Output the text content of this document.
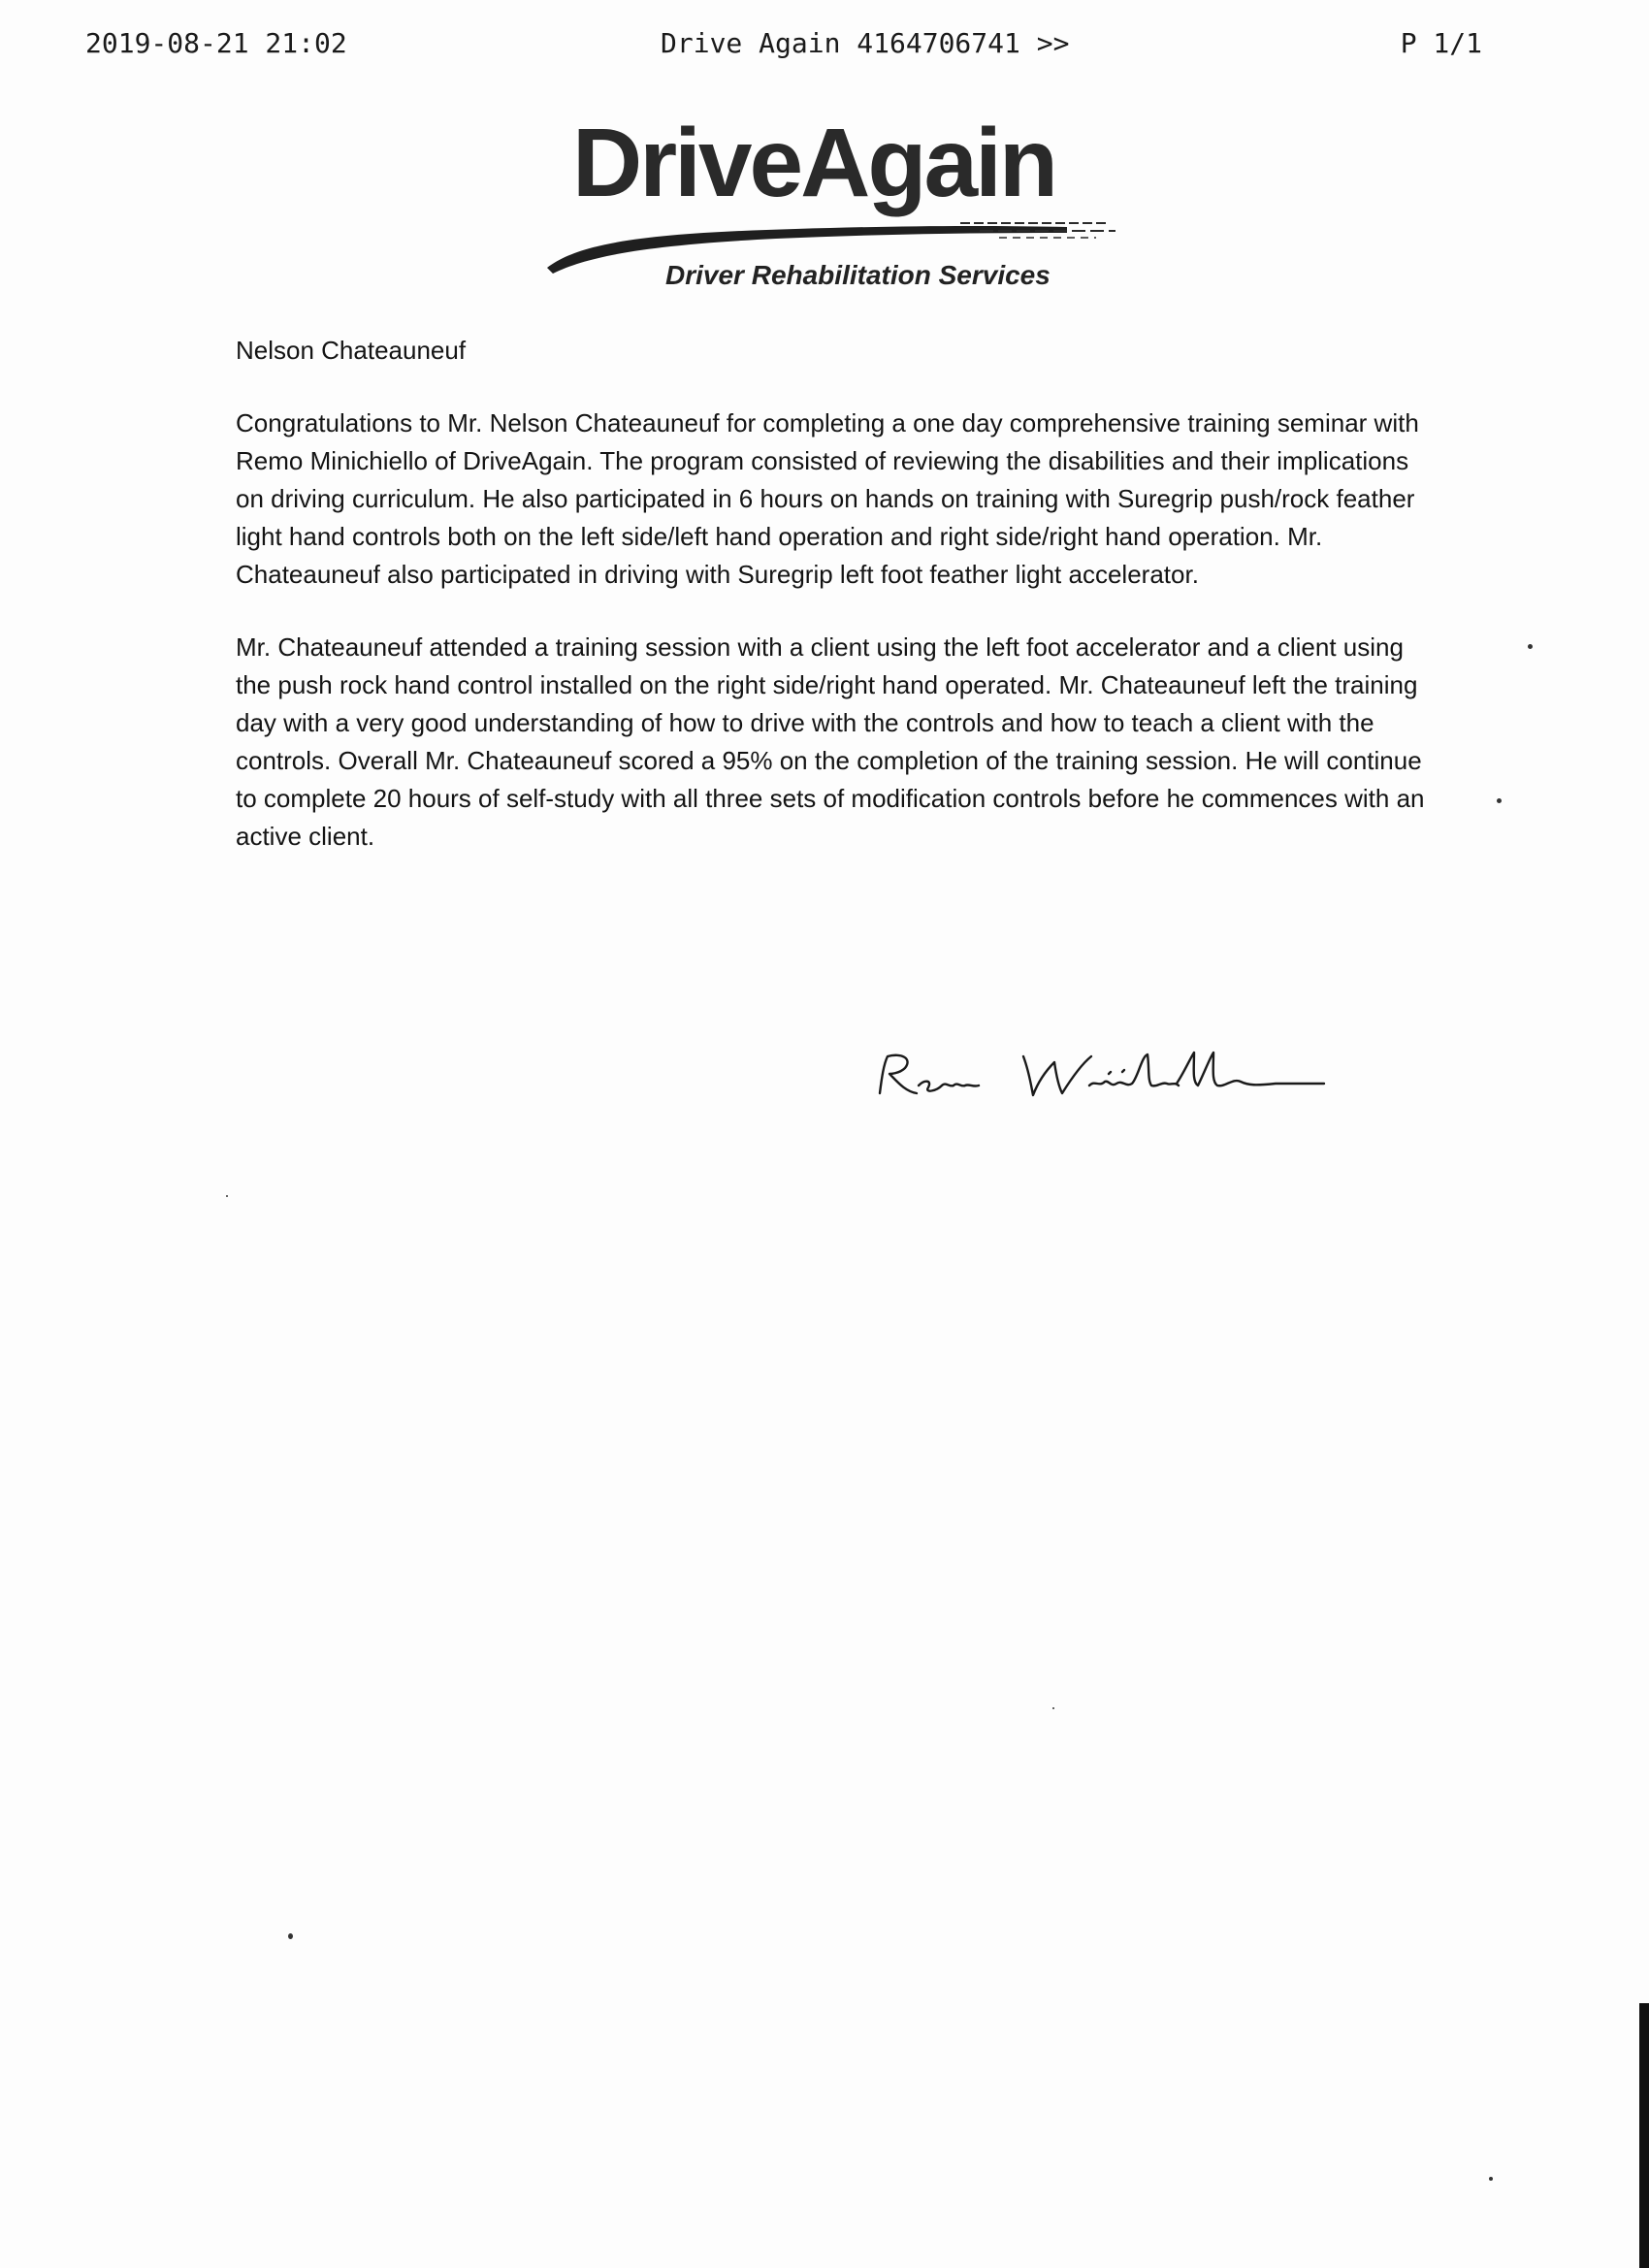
2019-08-21 21:02	Drive Again 4164706741 >>	P 1/1
DriveAgain
Driver Rehabilitation Services

Nelson Chateauneuf

Congratulations to Mr. Nelson Chateauneuf for completing a one day comprehensive training seminar with Remo Minichiello of DriveAgain. The program consisted of reviewing the disabilities and their implications on driving curriculum. He also participated in 6 hours on hands on training with Suregrip push/rock feather light hand controls both on the left side/left hand operation and right side/right hand operation. Mr. Chateauneuf also participated in driving with Suregrip left foot feather light accelerator.

Mr. Chateauneuf attended a training session with a client using the left foot accelerator and a client using the push rock hand control installed on the right side/right hand operated. Mr. Chateauneuf left the training day with a very good understanding of how to drive with the controls and how to teach a client with the controls. Overall Mr. Chateauneuf scored a 95% on the completion of the training session. He will continue to complete 20 hours of self-study with all three sets of modification controls before he commences with an active client.
